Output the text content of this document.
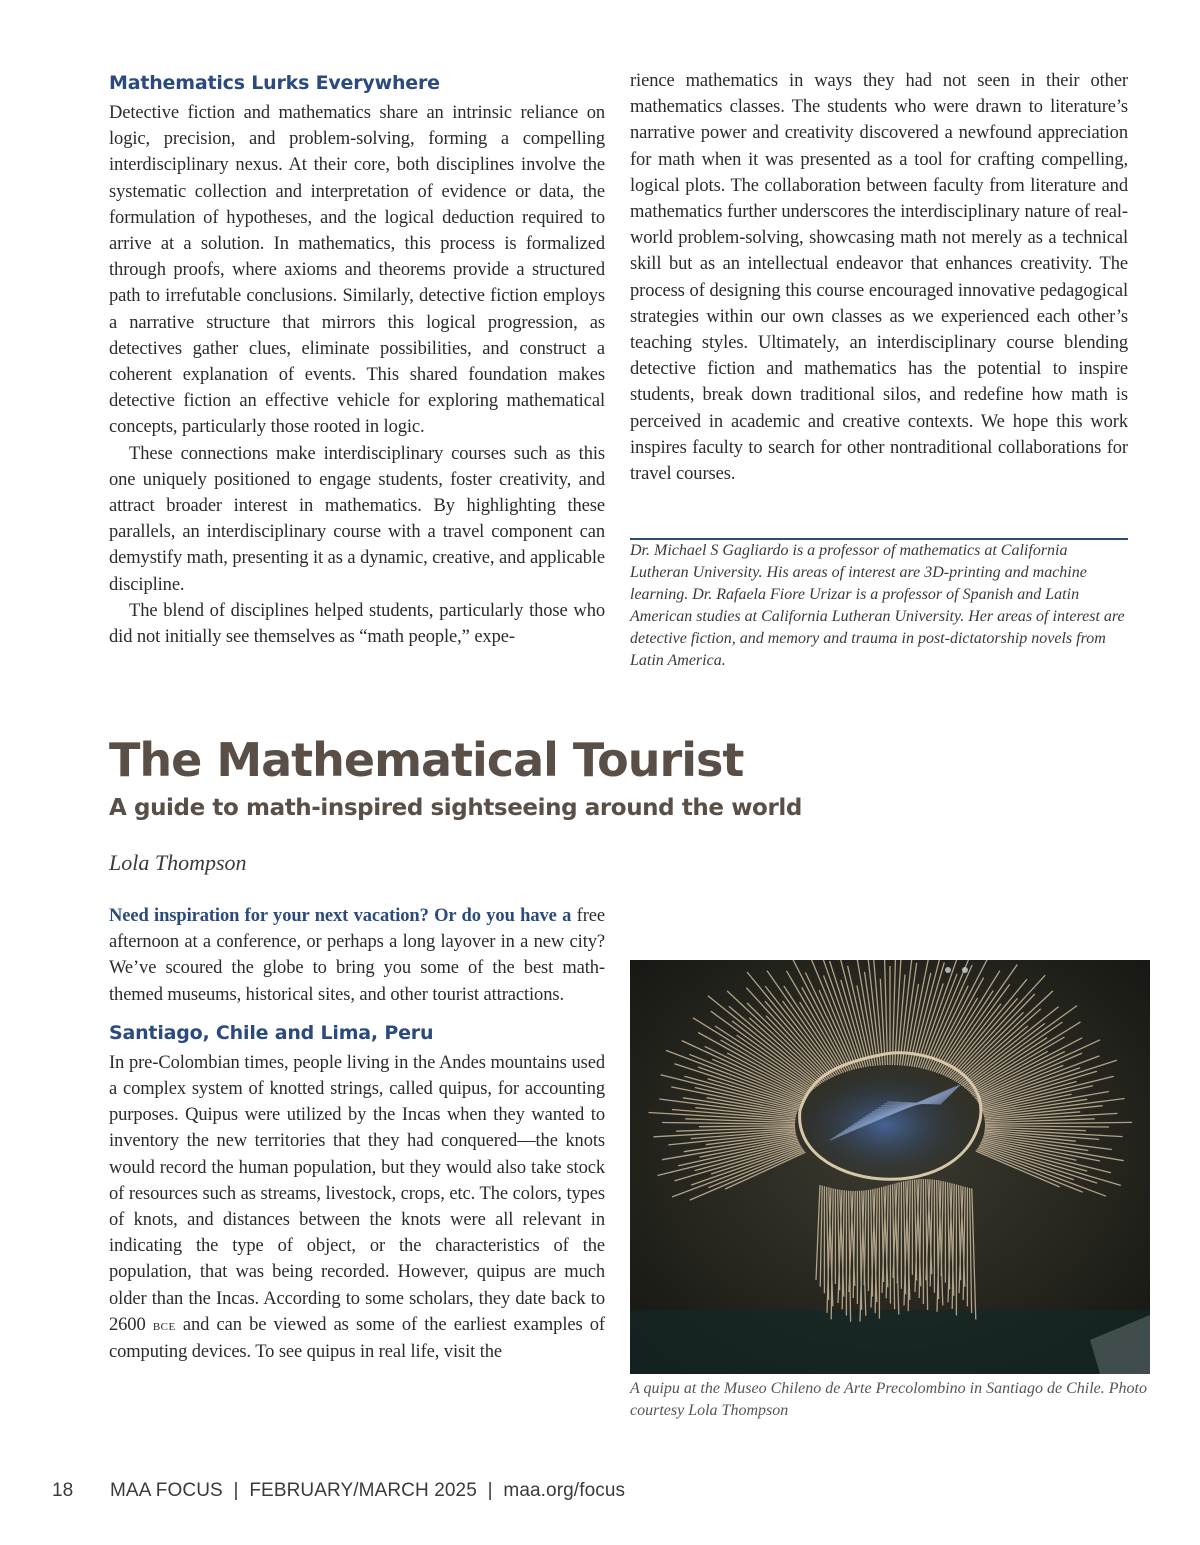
Mathematics Lurks Everywhere

Detective fiction and mathematics share an intrinsic reliance on logic, precision, and problem-solving, forming a compelling interdisciplinary nexus. At their core, both disciplines involve the systematic collection and interpretation of evidence or data, the formulation of hypotheses, and the logical deduction required to arrive at a solution. In mathematics, this process is formalized through proofs, where axioms and theorems provide a structured path to irrefutable conclusions. Similarly, detective fiction employs a narrative structure that mirrors this logical progression, as detectives gather clues, eliminate possibilities, and construct a coherent explanation of events. This shared foundation makes detective fiction an effective vehicle for exploring mathematical concepts, particularly those rooted in logic.

These connections make interdisciplinary courses such as this one uniquely positioned to engage students, foster creativity, and attract broader interest in mathematics. By highlighting these parallels, an interdisciplinary course with a travel component can demystify math, presenting it as a dynamic, creative, and applicable discipline.

The blend of disciplines helped students, particularly those who did not initially see themselves as “math people,” expe-

rience mathematics in ways they had not seen in their other mathematics classes. The students who were drawn to literature’s narrative power and creativity discovered a newfound appreciation for math when it was presented as a tool for crafting compelling, logical plots. The collaboration between faculty from literature and mathematics further underscores the interdisciplinary nature of real-world problem-solving, showcasing math not merely as a technical skill but as an intellectual endeavor that enhances creativity. The process of designing this course encouraged innovative pedagogical strategies within our own classes as we experienced each other’s teaching styles. Ultimately, an interdisciplinary course blending detective fiction and mathematics has the potential to inspire students, break down traditional silos, and redefine how math is perceived in academic and creative contexts. We hope this work inspires faculty to search for other nontraditional collaborations for travel courses.

Dr. Michael S Gagliardo is a professor of mathematics at California Lutheran University. His areas of interest are 3D-printing and machine learning. Dr. Rafaela Fiore Urizar is a professor of Spanish and Latin American studies at California Lutheran University. Her areas of interest are detective fiction, and memory and trauma in post-dictatorship novels from Latin America.

The Mathematical Tourist
A guide to math-inspired sightseeing around the world
Lola Thompson

Need inspiration for your next vacation? Or do you have a free afternoon at a conference, or perhaps a long layover in a new city? We’ve scoured the globe to bring you some of the best math-themed museums, historical sites, and other tourist attractions.

Santiago, Chile and Lima, Peru

In pre-Colombian times, people living in the Andes mountains used a complex system of knotted strings, called quipus, for accounting purposes. Quipus were utilized by the Incas when they wanted to inventory the new territories that they had conquered—the knots would record the human population, but they would also take stock of resources such as streams, livestock, crops, etc. The colors, types of knots, and distances between the knots were all relevant in indicating the type of object, or the characteristics of the population, that was being recorded. However, quipus are much older than the Incas. According to some scholars, they date back to 2600 bce and can be viewed as some of the earliest examples of computing devices. To see quipus in real life, visit the

A quipu at the Museo Chileno de Arte Precolombino in Santiago de Chile. Photo courtesy Lola Thompson

18 MAA FOCUS  |  FEBRUARY/MARCH 2025  |  maa.org/focus
